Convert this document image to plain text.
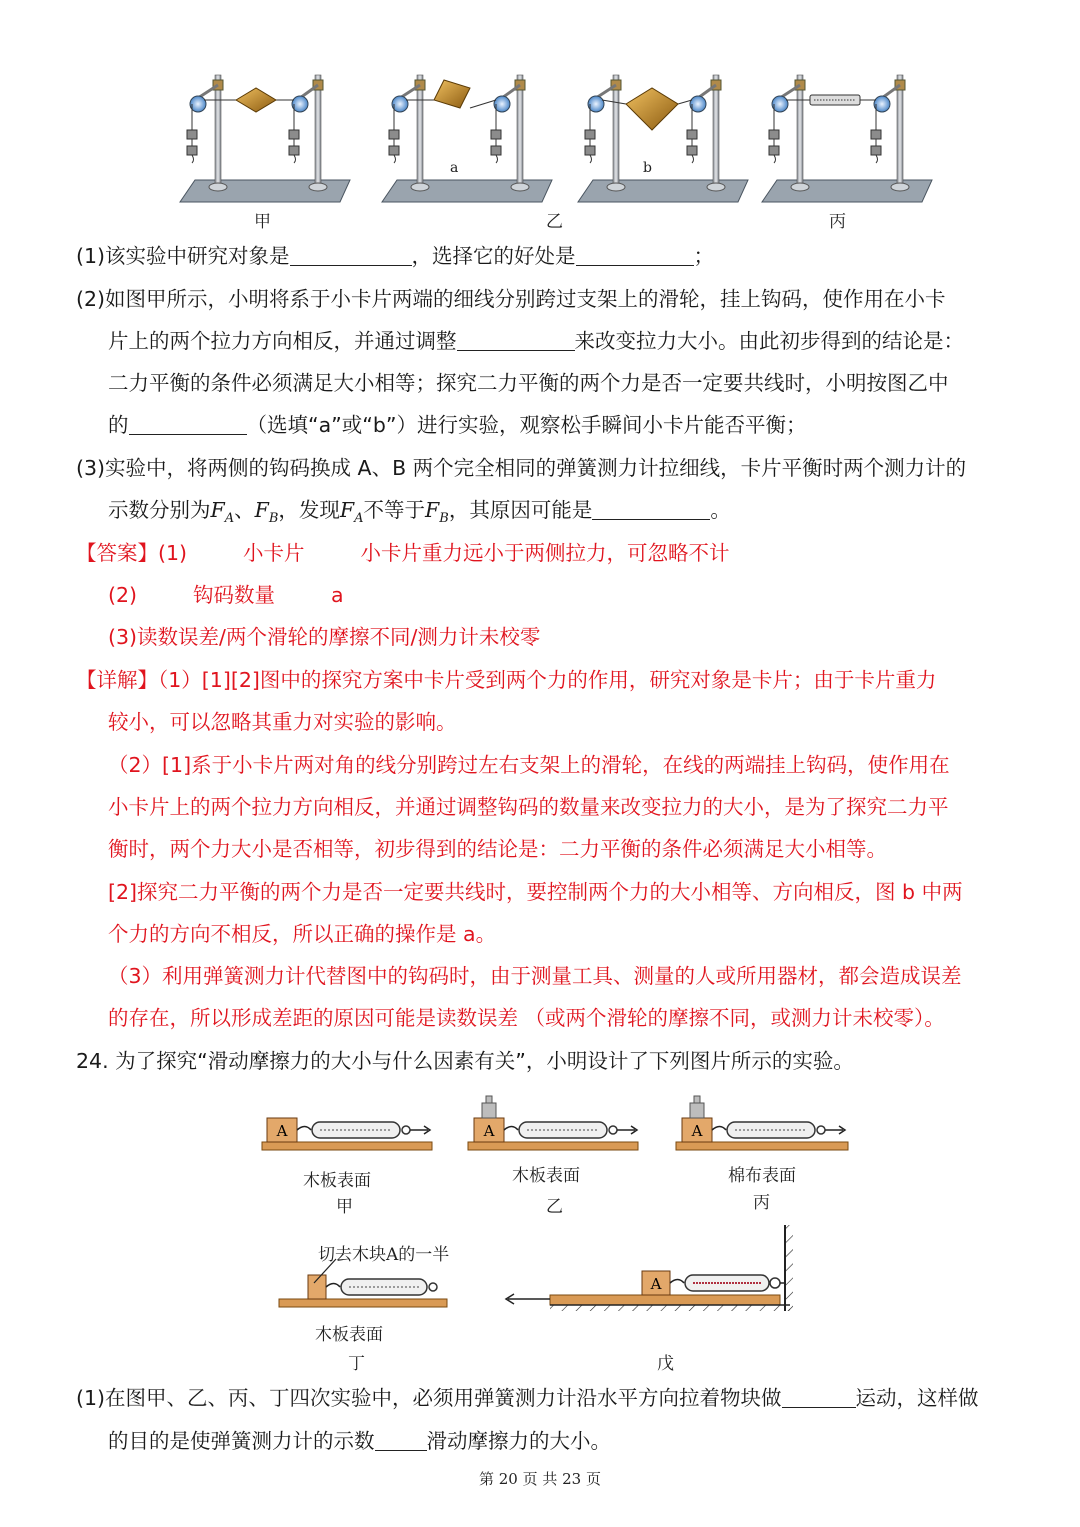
甲	乙	丙
a	b
(1)该实验中研究对象是	，选择它的好处是	；
(2)如图甲所示，小明将系于小卡片两端的细线分别跨过支架上的滑轮，挂上钩码，使作用在小卡
片上的两个拉力方向相反，并通过调整	来改变拉力大小。由此初步得到的结论是：
二力平衡的条件必须满足大小相等；探究二力平衡的两个力是否一定要共线时，小明按图乙中
的	（选填“a”或“b”）进行实验，观察松手瞬间小卡片能否平衡；
(3)实验中，将两侧的钩码换成 A、B 两个完全相同的弹簧测力计拉细线，卡片平衡时两个测力计的
示数分别为$F_A$、$F_B$，发现$F_A$不等于$F_B$，其原因可能是	。
【答案】(1)	小卡片	小卡片重力远小于两侧拉力，可忽略不计
(2)	钩码数量	a
(3)读数误差/两个滑轮的摩擦不同/测力计未校零
【详解】（1）[1][2]图中的探究方案中卡片受到两个力的作用，研究对象是卡片；由于卡片重力
较小，可以忽略其重力对实验的影响。
（2）[1]系于小卡片两对角的线分别跨过左右支架上的滑轮，在线的两端挂上钩码，使作用在
小卡片上的两个拉力方向相反，并通过调整钩码的数量来改变拉力的大小，是为了探究二力平
衡时，两个力大小是否相等，初步得到的结论是：二力平衡的条件必须满足大小相等。
[2]探究二力平衡的两个力是否一定要共线时，要控制两个力的大小相等、方向相反，图 b 中两
个力的方向不相反，所以正确的操作是 a。
（3）利用弹簧测力计代替图中的钩码时，由于测量工具、测量的人或所用器材，都会造成误差
的存在，所以形成差距的原因可能是读数误差 （或两个滑轮的摩擦不同，或测力计未校零）。
24. 为了探究“滑动摩擦力的大小与什么因素有关”，小明设计了下列图片所示的实验。
A	A	A
A
木板表面
甲
木板表面
乙
棉布表面
丙
切去木块A的一半
木板表面
丁	戊
(1)在图甲、乙、丙、丁四次实验中，必须用弹簧测力计沿水平方向拉着物块做	运动，这样做
的目的是使弹簧测力计的示数	滑动摩擦力的大小。
第 20 页 共 23 页
